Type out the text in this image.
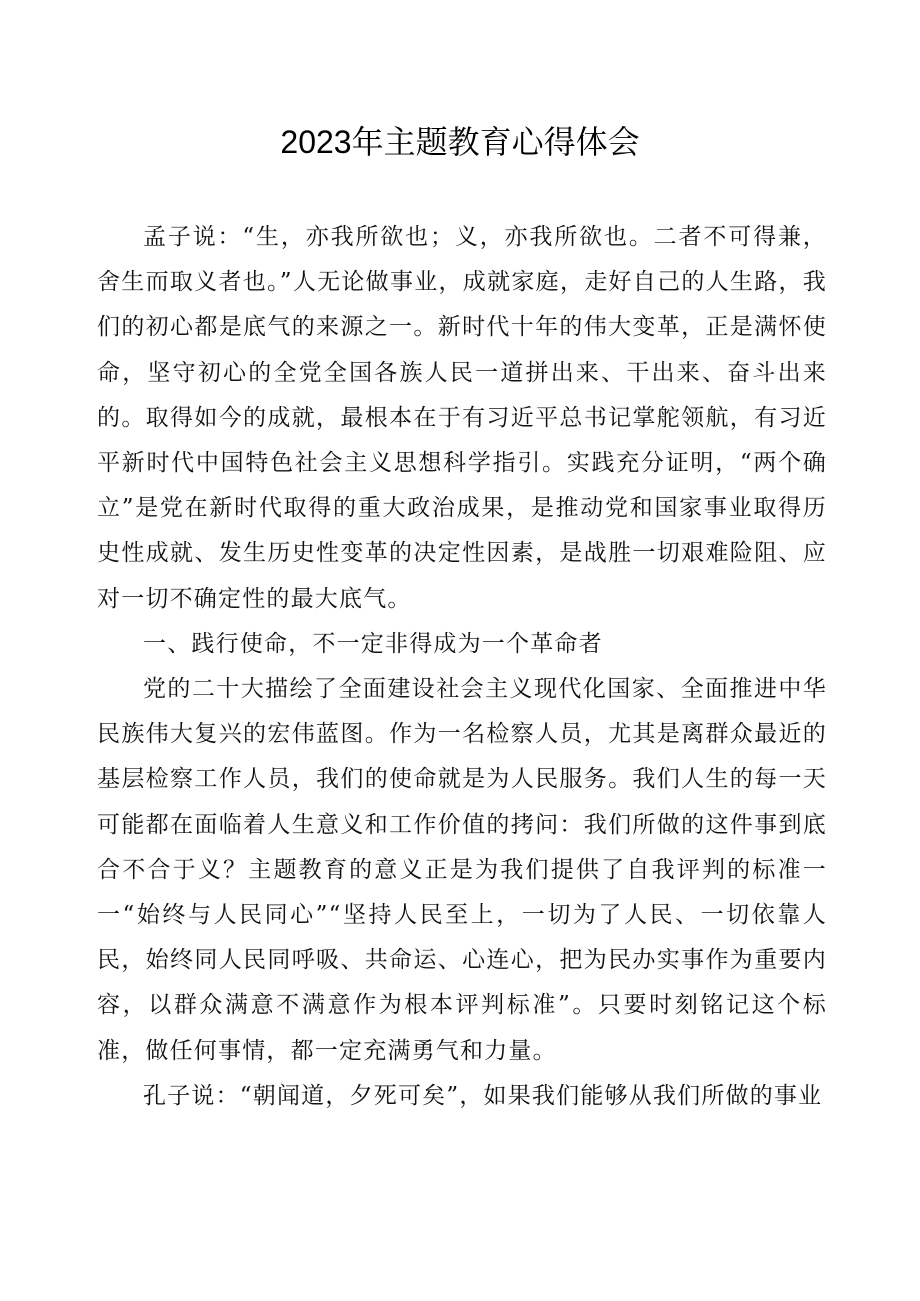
2023年主题教育心得体会

孟子说：“生，亦我所欲也；义，亦我所欲也。二者不可得兼，舍生而取义者也。”人无论做事业，成就家庭，走好自己的人生路，我们的初心都是底气的来源之一。新时代十年的伟大变革，正是满怀使命，坚守初心的全党全国各族人民一道拼出来、干出来、奋斗出来的。取得如今的成就，最根本在于有习近平总书记掌舵领航，有习近平新时代中国特色社会主义思想科学指引。实践充分证明，“两个确立”是党在新时代取得的重大政治成果，是推动党和国家事业取得历史性成就、发生历史性变革的决定性因素，是战胜一切艰难险阻、应对一切不确定性的最大底气。

一、践行使命，不一定非得成为一个革命者

党的二十大描绘了全面建设社会主义现代化国家、全面推进中华民族伟大复兴的宏伟蓝图。作为一名检察人员，尤其是离群众最近的基层检察工作人员，我们的使命就是为人民服务。我们人生的每一天可能都在面临着人生意义和工作价值的拷问：我们所做的这件事到底合不合于义？主题教育的意义正是为我们提供了自我评判的标准一一“始终与人民同心”“坚持人民至上，一切为了人民、一切依靠人民，始终同人民同呼吸、共命运、心连心，把为民办实事作为重要内容，以群众满意不满意作为根本评判标准”。只要时刻铭记这个标准，做任何事情，都一定充满勇气和力量。

孔子说：“朝闻道，夕死可矣”，如果我们能够从我们所做的事业
